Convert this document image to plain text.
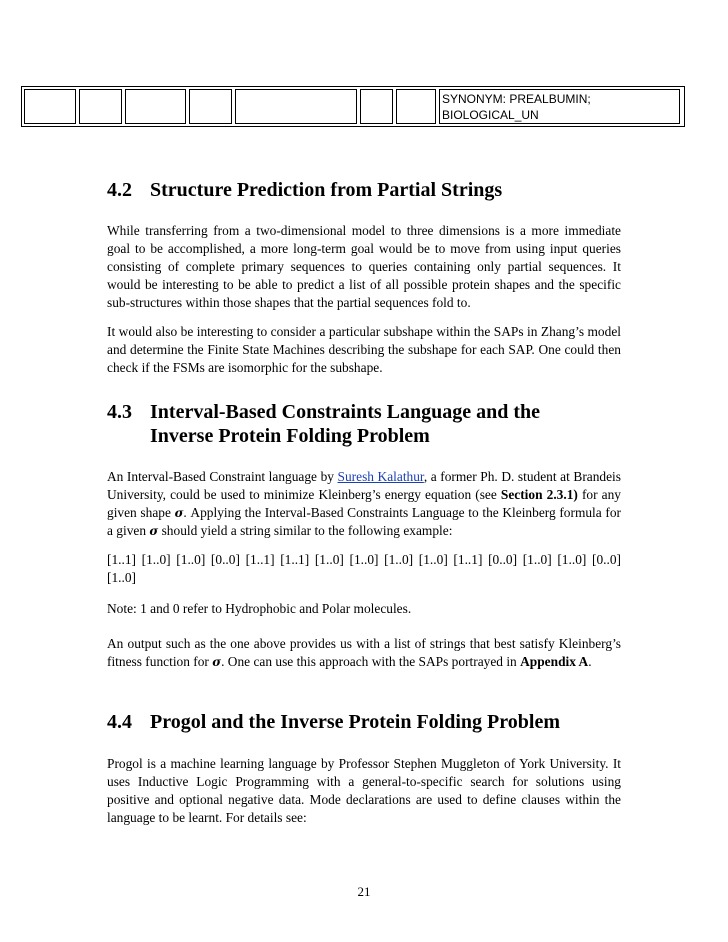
SYNONYM: PREALBUMIN;
BIOLOGICAL_UN
4.2 Structure Prediction from Partial Strings

While transferring from a two-dimensional model to three dimensions is a more immediate goal to be accomplished, a more long-term goal would be to move from using input queries consisting of complete primary sequences to queries containing only partial sequences. It would be interesting to be able to predict a list of all possible protein shapes and the specific sub-structures within those shapes that the partial sequences fold to.

It would also be interesting to consider a particular subshape within the SAPs in Zhang’s model and determine the Finite State Machines describing the subshape for each SAP. One could then check if the FSMs are isomorphic for the subshape.

4.3 Interval-Based Constraints Language and the
Inverse Protein Folding Problem

An Interval-Based Constraint language by Suresh Kalathur, a former Ph. D. student at Brandeis University, could be used to minimize Kleinberg’s energy equation (see Section 2.3.1) for any given shape σ. Applying the Interval-Based Constraints Language to the Kleinberg formula for a given σ should yield a string similar to the following example:

[1..1] [1..0] [1..0] [0..0] [1..1] [1..1] [1..0] [1..0] [1..0] [1..0] [1..1] [0..0] [1..0] [1..0] [0..0] [1..0]

Note: 1 and 0 refer to Hydrophobic and Polar molecules.

An output such as the one above provides us with a list of strings that best satisfy Kleinberg’s fitness function for σ. One can use this approach with the SAPs portrayed in Appendix A.

4.4 Progol and the Inverse Protein Folding Problem

Progol is a machine learning language by Professor Stephen Muggleton of York University. It uses Inductive Logic Programming with a general-to-specific search for solutions using positive and optional negative data. Mode declarations are used to define clauses within the language to be learnt. For details see:

21
